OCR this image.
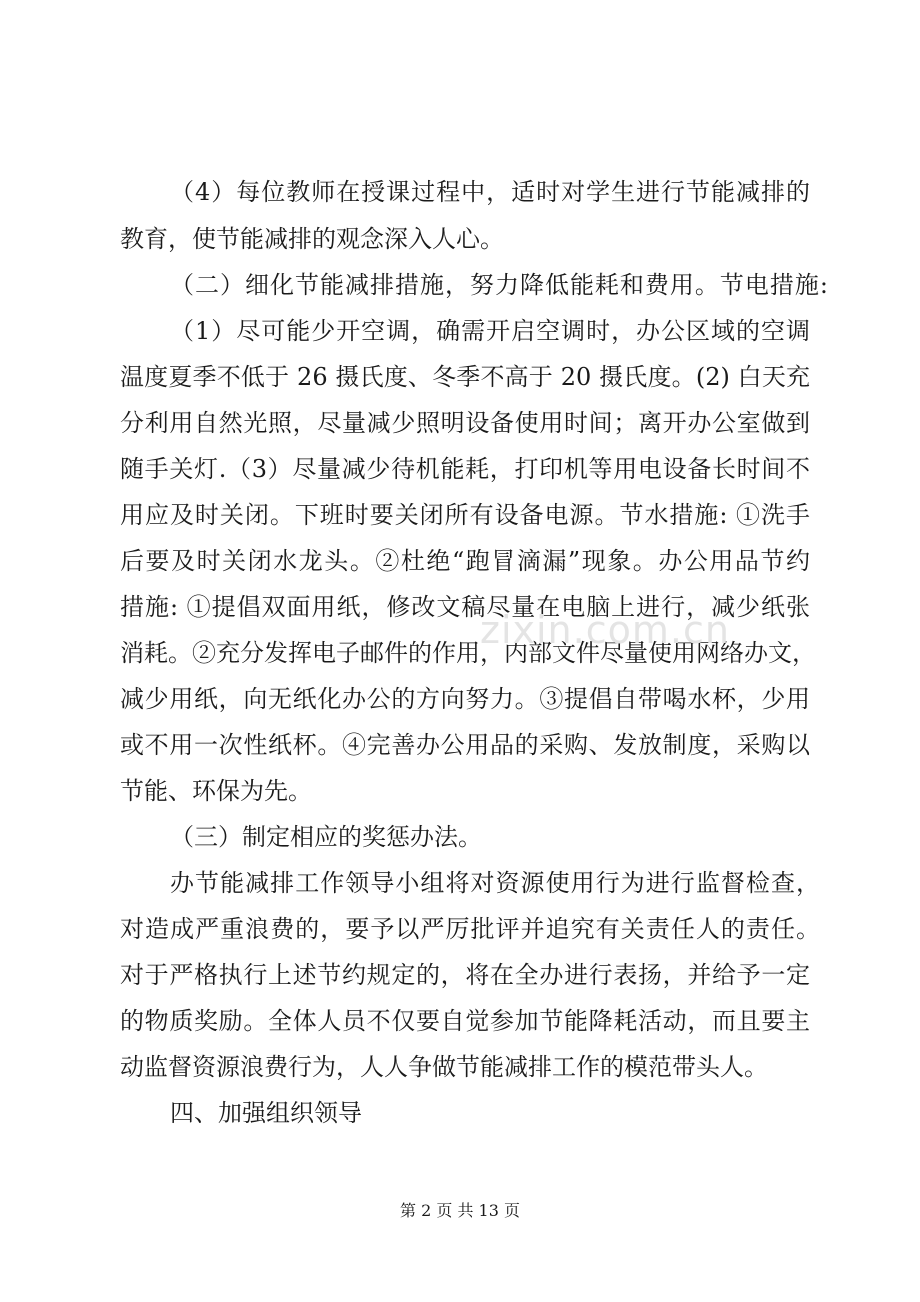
（4）每位教师在授课过程中，适时对学生进行节能减排的
教育，使节能减排的观念深入人心。
（二）细化节能减排措施，努力降低能耗和费用。节电措施:
（1）尽可能少开空调，确需开启空调时，办公区域的空调
温度夏季不低于 26 摄氏度、冬季不高于 20 摄氏度。(2) 白天充
分利用自然光照，尽量减少照明设备使用时间；离开办公室做到
随手关灯.（3）尽量减少待机能耗，打印机等用电设备长时间不
用应及时关闭。下班时要关闭所有设备电源。节水措施: ①洗手
后要及时关闭水龙头。②杜绝“跑冒滴漏”现象。办公用品节约
措施: ①提倡双面用纸，修改文稿尽量在电脑上进行，减少纸张
消耗。②充分发挥电子邮件的作用，内部文件尽量使用网络办文，
减少用纸，向无纸化办公的方向努力。③提倡自带喝水杯，少用
或不用一次性纸杯。④完善办公用品的采购、发放制度，采购以
节能、环保为先。
（三）制定相应的奖惩办法。
办节能减排工作领导小组将对资源使用行为进行监督检查，
对造成严重浪费的，要予以严厉批评并追究有关责任人的责任。
对于严格执行上述节约规定的，将在全办进行表扬，并给予一定
的物质奖励。全体人员不仅要自觉参加节能降耗活动，而且要主
动监督资源浪费行为，人人争做节能减排工作的模范带头人。
四、加强组织领导
zixin.com.cn
第 2 页 共 13 页
